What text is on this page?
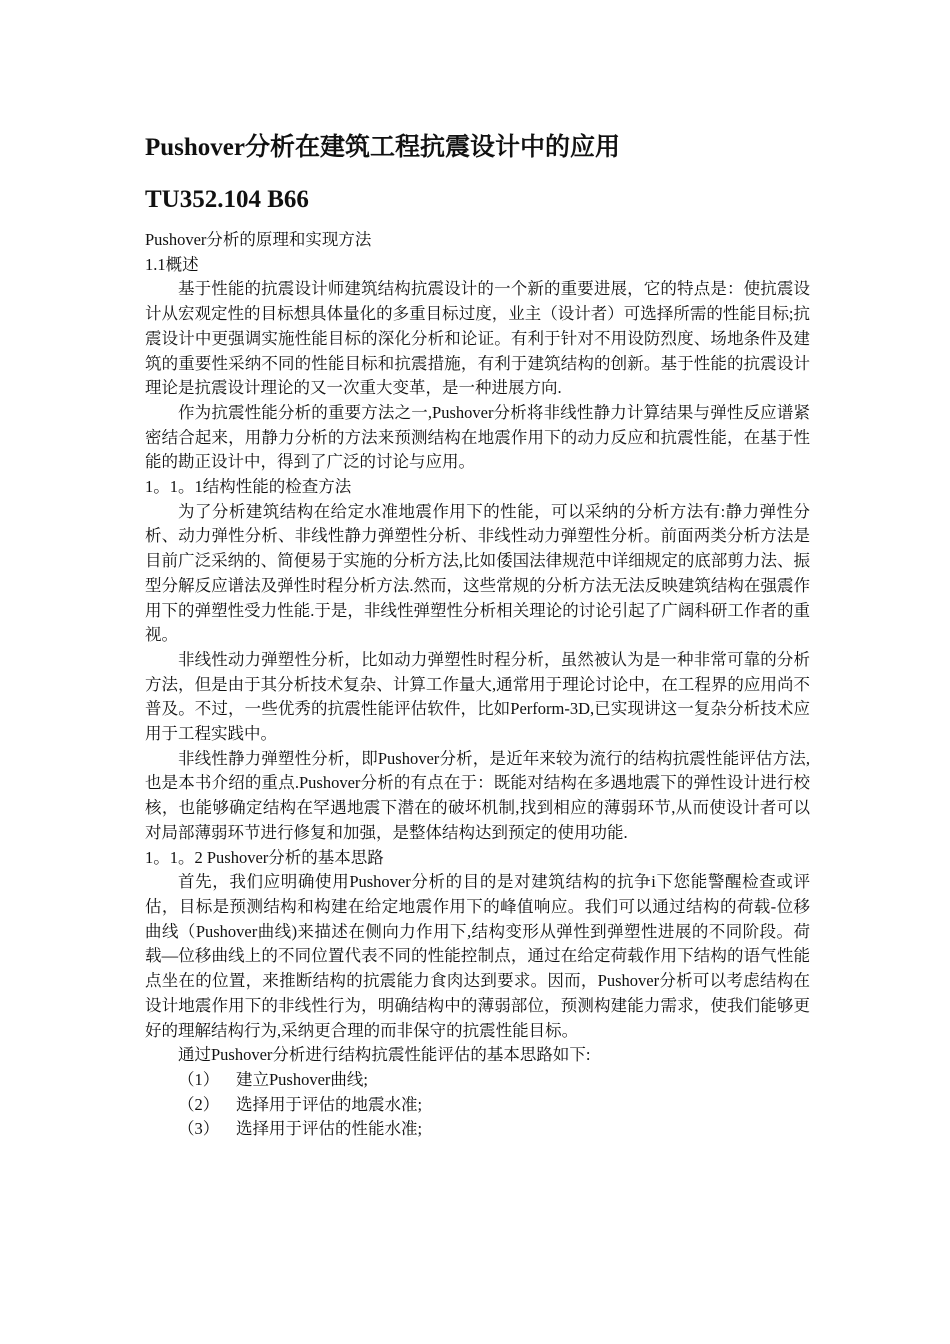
Pushover分析在建筑工程抗震设计中的应用
TU352.104 B66

Pushover分析的原理和实现方法

1.1概述

基于性能的抗震设计师建筑结构抗震设计的一个新的重要进展，它的特点是：使抗震设计从宏观定性的目标想具体量化的多重目标过度，业主（设计者）可选择所需的性能目标;抗震设计中更强调实施性能目标的深化分析和论证。有利于针对不用设防烈度、场地条件及建筑的重要性采纳不同的性能目标和抗震措施，有利于建筑结构的创新。基于性能的抗震设计理论是抗震设计理论的又一次重大变革，是一种进展方向.

作为抗震性能分析的重要方法之一,Pushover分析将非线性静力计算结果与弹性反应谱紧密结合起来，用静力分析的方法来预测结构在地震作用下的动力反应和抗震性能，在基于性能的勘正设计中，得到了广泛的讨论与应用。

1。1。1结构性能的检查方法

为了分析建筑结构在给定水准地震作用下的性能，可以采纳的分析方法有:静力弹性分析、动力弹性分析、非线性静力弹塑性分析、非线性动力弹塑性分析。前面两类分析方法是目前广泛采纳的、简便易于实施的分析方法,比如倭国法律规范中详细规定的底部剪力法、振型分解反应谱法及弹性时程分析方法.然而，这些常规的分析方法无法反映建筑结构在强震作用下的弹塑性受力性能.于是，非线性弹塑性分析相关理论的讨论引起了广阔科研工作者的重视。

非线性动力弹塑性分析，比如动力弹塑性时程分析，虽然被认为是一种非常可靠的分析方法，但是由于其分析技术复杂、计算工作量大,通常用于理论讨论中，在工程界的应用尚不普及。不过，一些优秀的抗震性能评估软件，比如Perform-3D,已实现讲这一复杂分析技术应用于工程实践中。

非线性静力弹塑性分析，即Pushover分析，是近年来较为流行的结构抗震性能评估方法,也是本书介绍的重点.Pushover分析的有点在于：既能对结构在多遇地震下的弹性设计进行校核，也能够确定结构在罕遇地震下潜在的破坏机制,找到相应的薄弱环节,从而使设计者可以对局部薄弱环节进行修复和加强，是整体结构达到预定的使用功能.

1。1。2 Pushover分析的基本思路

首先，我们应明确使用Pushover分析的目的是对建筑结构的抗争i下您能警醒检查或评估，目标是预测结构和构建在给定地震作用下的峰值响应。我们可以通过结构的荷载-位移曲线（Pushover曲线)来描述在侧向力作用下,结构变形从弹性到弹塑性进展的不同阶段。荷载—位移曲线上的不同位置代表不同的性能控制点，通过在给定荷载作用下结构的语气性能点坐在的位置，来推断结构的抗震能力食肉达到要求。因而，Pushover分析可以考虑结构在设计地震作用下的非线性行为，明确结构中的薄弱部位，预测构建能力需求，使我们能够更好的理解结构行为,采纳更合理的而非保守的抗震性能目标。

通过Pushover分析进行结构抗震性能评估的基本思路如下:

（1） 建立Pushover曲线;

（2） 选择用于评估的地震水准;

（3） 选择用于评估的性能水准;
